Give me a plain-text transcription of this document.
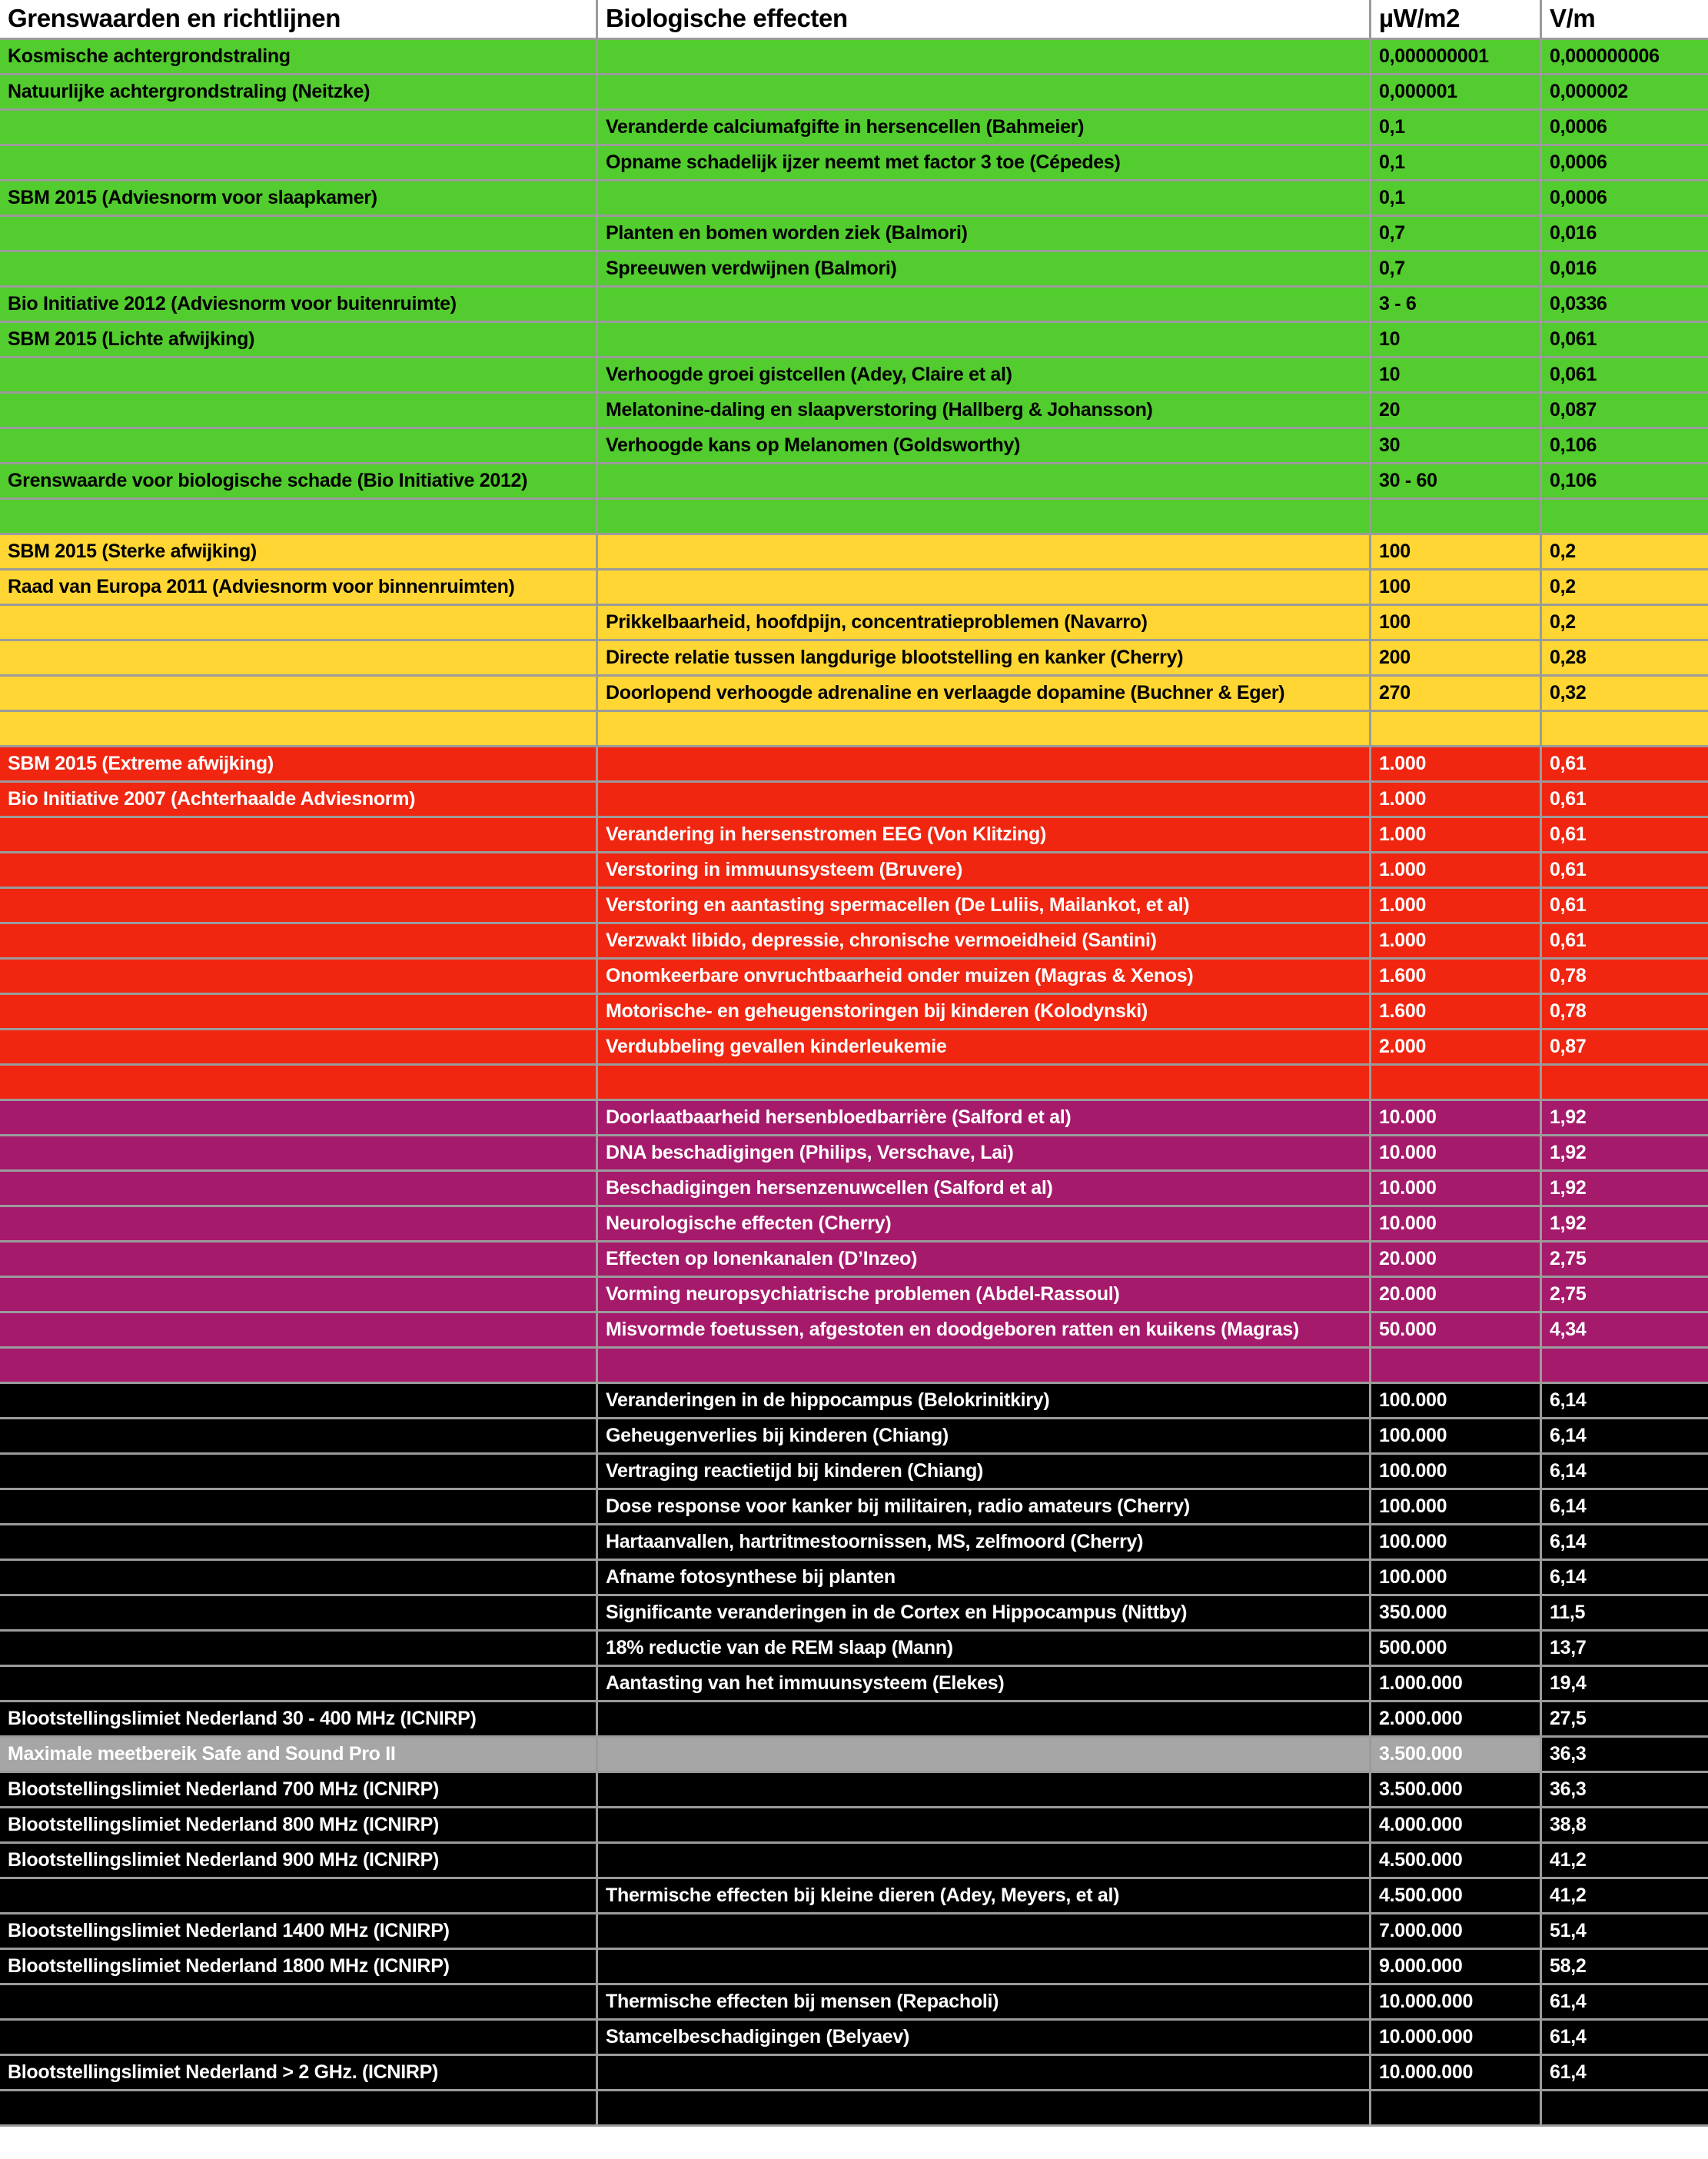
Grenswaarden en richtlijnen	Biologische effecten	µW/m2	V/m
Kosmische achtergrondstraling		0,000000001	0,000000006
Natuurlijke achtergrondstraling (Neitzke)		0,000001	0,000002
	Veranderde calciumafgifte in hersencellen (Bahmeier)	0,1	0,0006
	Opname schadelijk ijzer neemt met factor 3 toe (Cépedes)	0,1	0,0006
SBM 2015 (Adviesnorm voor slaapkamer)		0,1	0,0006
	Planten en bomen worden ziek (Balmori)	0,7	0,016
	Spreeuwen verdwijnen (Balmori)	0,7	0,016
Bio Initiative 2012 (Adviesnorm voor buitenruimte)		3 - 6	0,0336
SBM 2015 (Lichte afwijking)		10	0,061
	Verhoogde groei gistcellen (Adey, Claire et al)	10	0,061
	Melatonine-daling en slaapverstoring (Hallberg & Johansson)	20	0,087
	Verhoogde kans op Melanomen (Goldsworthy)	30	0,106
Grenswaarde voor biologische schade (Bio Initiative 2012)		30 - 60	0,106

SBM 2015 (Sterke afwijking)		100	0,2
Raad van Europa 2011 (Adviesnorm voor binnenruimten)		100	0,2
	Prikkelbaarheid, hoofdpijn, concentratieproblemen (Navarro)	100	0,2
	Directe relatie tussen langdurige blootstelling en kanker (Cherry)	200	0,28
	Doorlopend verhoogde adrenaline en verlaagde dopamine (Buchner & Eger)	270	0,32

SBM 2015 (Extreme afwijking)		1.000	0,61
Bio Initiative 2007 (Achterhaalde Adviesnorm)		1.000	0,61
	Verandering in hersenstromen EEG (Von Klitzing)	1.000	0,61
	Verstoring in immuunsysteem (Bruvere)	1.000	0,61
	Verstoring en aantasting spermacellen (De Luliis, Mailankot, et al)	1.000	0,61
	Verzwakt libido, depressie, chronische vermoeidheid (Santini)	1.000	0,61
	Onomkeerbare onvruchtbaarheid onder muizen (Magras & Xenos)	1.600	0,78
	Motorische- en geheugenstoringen bij kinderen (Kolodynski)	1.600	0,78
	Verdubbeling gevallen kinderleukemie	2.000	0,87

	Doorlaatbaarheid hersenbloedbarrière (Salford et al)	10.000	1,92
	DNA beschadigingen (Philips, Verschave, Lai)	10.000	1,92
	Beschadigingen hersenzenuwcellen (Salford et al)	10.000	1,92
	Neurologische effecten (Cherry)	10.000	1,92
	Effecten op Ionenkanalen (D’Inzeo)	20.000	2,75
	Vorming neuropsychiatrische problemen (Abdel-Rassoul)	20.000	2,75
	Misvormde foetussen, afgestoten en doodgeboren ratten en kuikens (Magras)	50.000	4,34

	Veranderingen in de hippocampus (Belokrinitkiry)	100.000	6,14
	Geheugenverlies bij kinderen (Chiang)	100.000	6,14
	Vertraging reactietijd bij kinderen (Chiang)	100.000	6,14
	Dose response voor kanker bij militairen, radio amateurs (Cherry)	100.000	6,14
	Hartaanvallen, hartritmestoornissen, MS, zelfmoord (Cherry)	100.000	6,14
	Afname fotosynthese bij planten	100.000	6,14
	Significante veranderingen in de Cortex en Hippocampus (Nittby)	350.000	11,5
	18% reductie van de REM slaap (Mann)	500.000	13,7
	Aantasting van het immuunsysteem (Elekes)	1.000.000	19,4
Blootstellingslimiet Nederland 30 - 400 MHz (ICNIRP)		2.000.000	27,5
Maximale meetbereik Safe and Sound Pro II		3.500.000	36,3
Blootstellingslimiet Nederland 700 MHz (ICNIRP)		3.500.000	36,3
Blootstellingslimiet Nederland 800 MHz (ICNIRP)		4.000.000	38,8
Blootstellingslimiet Nederland 900 MHz (ICNIRP)		4.500.000	41,2
	Thermische effecten bij kleine dieren (Adey, Meyers, et al)	4.500.000	41,2
Blootstellingslimiet Nederland 1400 MHz (ICNIRP)		7.000.000	51,4
Blootstellingslimiet Nederland 1800 MHz (ICNIRP)		9.000.000	58,2
	Thermische effecten bij mensen (Repacholi)	10.000.000	61,4
	Stamcelbeschadigingen (Belyaev)	10.000.000	61,4
Blootstellingslimiet Nederland > 2 GHz. (ICNIRP)		10.000.000	61,4
